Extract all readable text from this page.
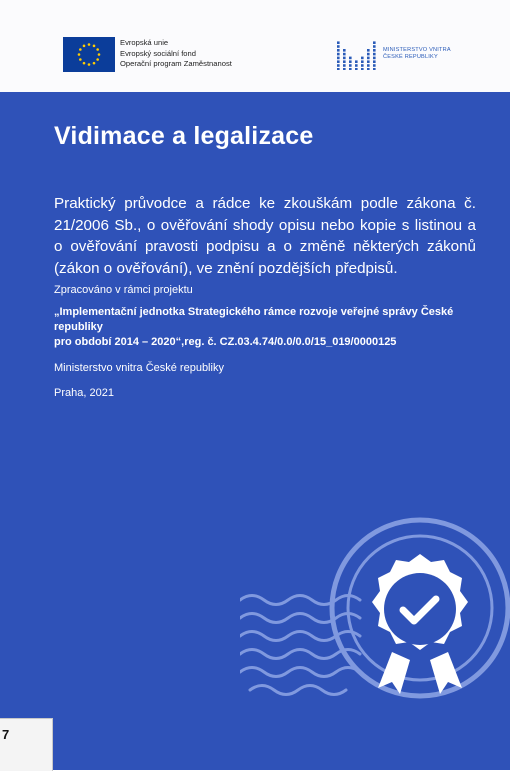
Evropská unie
Evropský sociální fond
Operační program Zaměstnanost
MINISTERSTVO VNITRA
ČESKÉ REPUBLIKY
Vidimace a legalizace

Praktický průvodce a rádce ke zkouškám podle zákona č. 21/2006 Sb., o ověřování shody opisu nebo kopie s listinou a o ověřování pravosti podpisu a o změně některých zákonů (zákon o ověřování), ve znění pozdějších předpisů.

Zpracováno v rámci projektu

„Implementační jednotka Strategického rámce rozvoje veřejné správy České republiky
pro období 2014 – 2020“,reg. č. CZ.03.4.74/0.0/0.0/15_019/0000125

Ministerstvo vnitra České republiky

Praha, 2021

7
